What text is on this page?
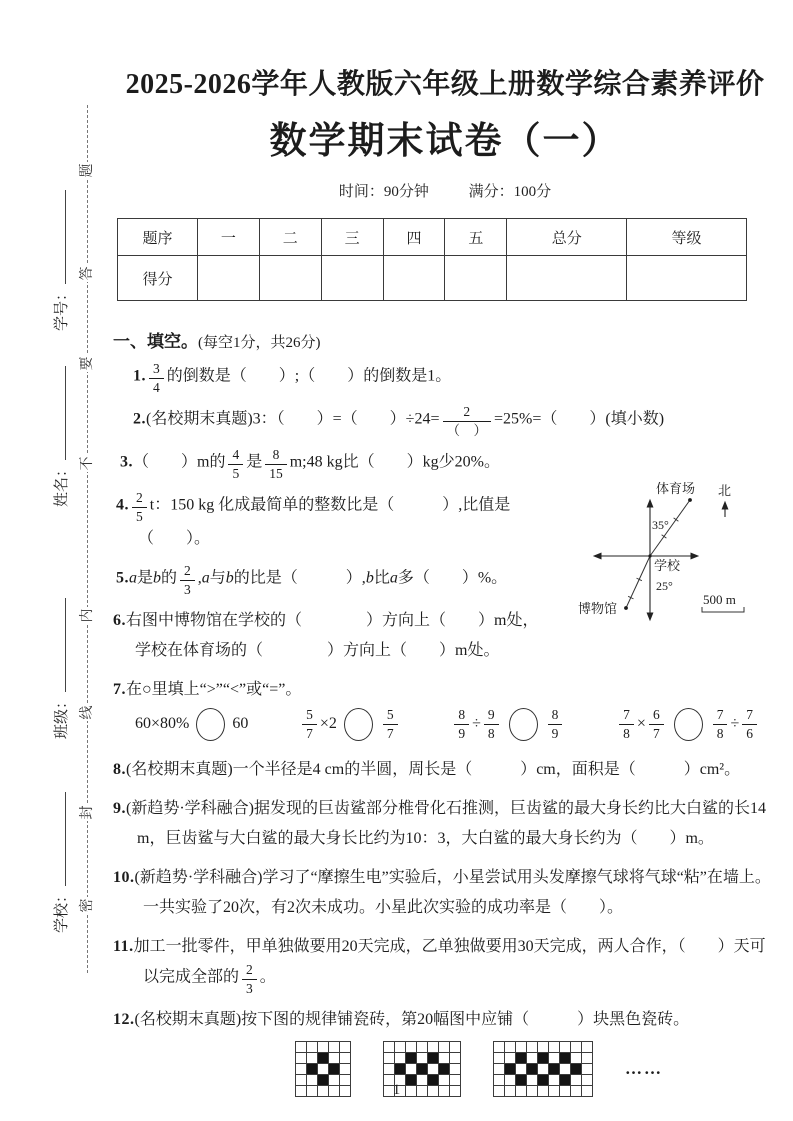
题
答
要
不
内
线
封
密
学号：
姓名：
班级：
学校：
2025-2026学年人教版六年级上册数学综合素养评价
数学期末试卷（一）
时间：90分钟	满分：100分
题序	一	二	三	四	五	总分	等级
得分							
一、填空。(每空1分，共26分)
1. $\frac{3}{4}$ 的倒数是（　　）;（　　）的倒数是1。
2.(名校期末真题)3：（　　）=（　　）$\div 24= \frac{2}{( )} =25\%=$（　　）(填小数)
3.（　　）m的 $\frac{4}{5}$ 是 $\frac{8}{15}$ m;48 kg比（　　）kg少20%。
4. $\frac{2}{5}$ t：150 kg 化成最简单的整数比是（　　　）,比值是（　　）。
5.a是b的 $\frac{2}{3} ,a$与b的比是（　　　）,b比a多（　　）%。
6.右图中博物馆在学校的（　　　　）方向上（　　）m处，
学校在体育场的（　　　　）方向上（　　）m处。
7.在○里填上“>”“<”或“=”。
60×80%	60	$\frac{5}{7} \times 2$	$\frac{5}{7}$	$\frac{8}{9} \div \frac{9}{8}$	$\frac{8}{9}$	$\frac{7}{8} \times \frac{6}{7}$	$\frac{7}{8} \div \frac{7}{6}$
8.(名校期末真题)一个半径是4 cm的半圆，周长是（　　　）cm，面积是（　　　）cm²。
9.(新趋势·学科融合)据发现的巨齿鲨部分椎骨化石推测，巨齿鲨的最大身长约比大白鲨的长14 m，巨齿鲨与大白鲨的最大身长比约为10：3，大白鲨的最大身长约为（　　）m。
10.(新趋势·学科融合)学习了“摩擦生电”实验后，小星尝试用头发摩擦气球将气球“粘”在墙上。一共实验了20次，有2次未成功。小星此次实验的成功率是（　　）。
11.加工一批零件，甲单独做要用20天完成，乙单独做要用30天完成，两人合作，（　　）天可以完成全部的 $\frac{2}{3}$ 。
12.(名校期末真题)按下图的规律铺瓷砖，第20幅图中应铺（　　　）块黑色瓷砖。
……
体育场 北
35°
学校
25°
博物馆
500 m
1
